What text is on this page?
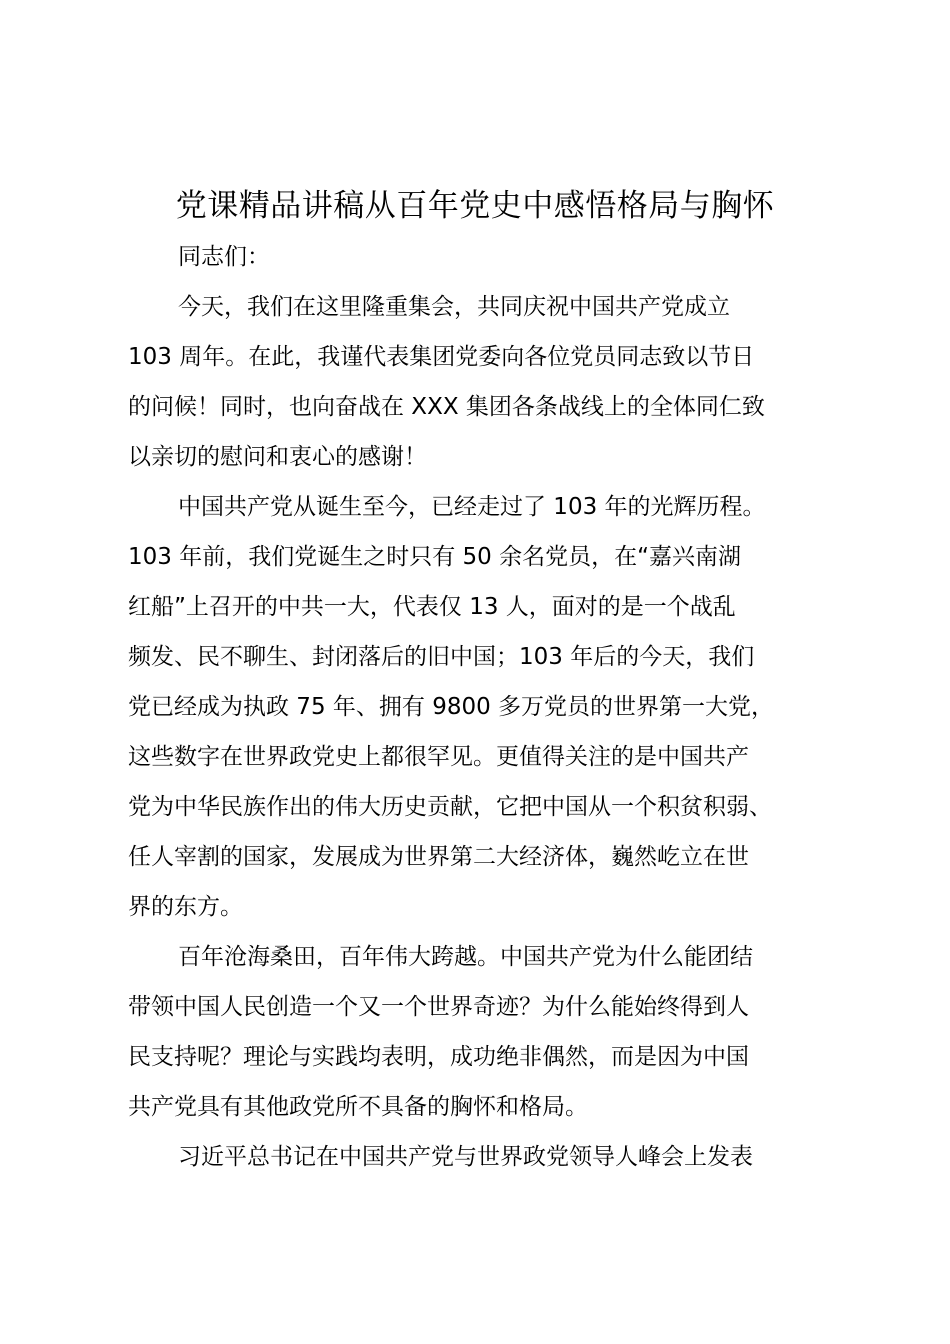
党课精品讲稿从百年党史中感悟格局与胸怀
同志们：
今天，我们在这里隆重集会，共同庆祝中国共产党成立
103 周年。在此，我谨代表集团党委向各位党员同志致以节日
的问候！同时，也向奋战在 XXX 集团各条战线上的全体同仁致
以亲切的慰问和衷心的感谢！
中国共产党从诞生至今，已经走过了 103 年的光辉历程。
103 年前，我们党诞生之时只有 50 余名党员，在“嘉兴南湖
红船”上召开的中共一大，代表仅 13 人，面对的是一个战乱
频发、民不聊生、封闭落后的旧中国；103 年后的今天，我们
党已经成为执政 75 年、拥有 9800 多万党员的世界第一大党，
这些数字在世界政党史上都很罕见。更值得关注的是中国共产
党为中华民族作出的伟大历史贡献，它把中国从一个积贫积弱、
任人宰割的国家，发展成为世界第二大经济体，巍然屹立在世
界的东方。
百年沧海桑田，百年伟大跨越。中国共产党为什么能团结
带领中国人民创造一个又一个世界奇迹？为什么能始终得到人
民支持呢？理论与实践均表明，成功绝非偶然，而是因为中国
共产党具有其他政党所不具备的胸怀和格局。
习近平总书记在中国共产党与世界政党领导人峰会上发表
